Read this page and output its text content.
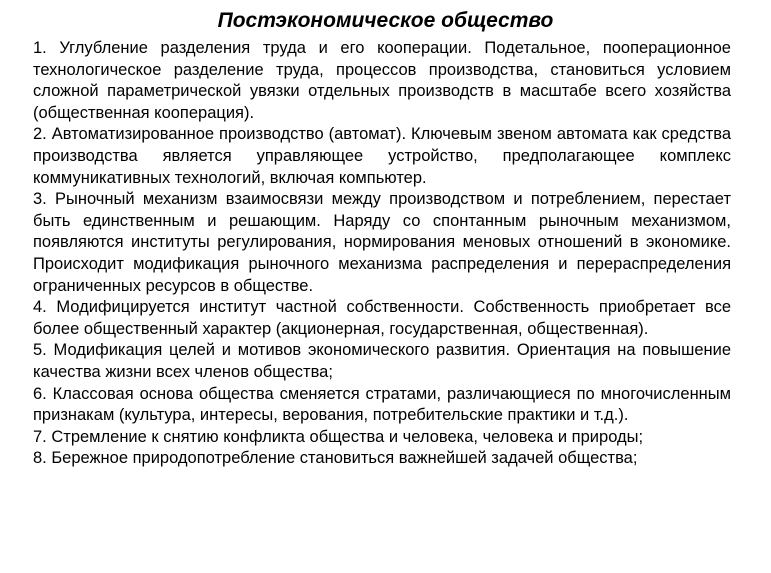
Постэкономическое общество
1. Углубление разделения труда и его кооперации. Подетальное, пооперационное технологическое разделение труда, процессов производства, становиться условием сложной параметрической увязки отдельных производств в масштабе всего хозяйства (общественная кооперация).
2. Автоматизированное производство (автомат). Ключевым звеном автомата как средства производства является управляющее устройство, предполагающее комплекс коммуникативных технологий, включая компьютер.
3. Рыночный механизм взаимосвязи между производством и потреблением, перестает быть единственным и решающим. Наряду со спонтанным рыночным механизмом, появляются институты регулирования, нормирования меновых отношений в экономике. Происходит модификация рыночного механизма распределения и перераспределения ограниченных ресурсов в обществе.
4. Модифицируется институт частной собственности. Собственность приобретает все более общественный характер (акционерная, государственная, общественная).
5. Модификация целей и мотивов экономического развития. Ориентация на повышение качества жизни всех членов общества;
6. Классовая основа общества сменяется стратами, различающиеся по многочисленным признакам (культура, интересы, верования, потребительские практики и т.д.).
7. Стремление к снятию конфликта общества и человека, человека и природы;
8. Бережное природопотребление становиться важнейшей задачей общества;
